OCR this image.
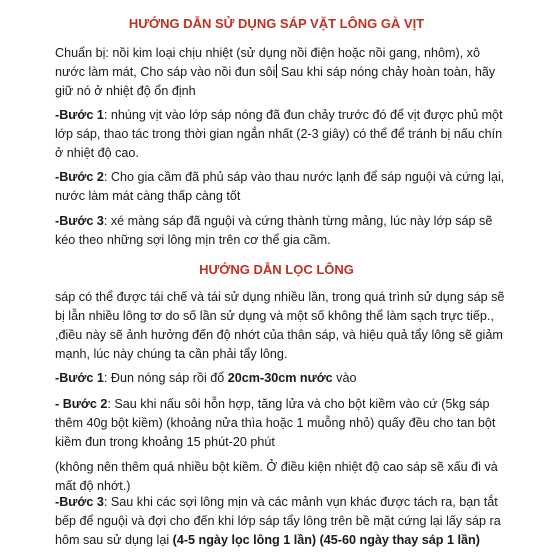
HƯỚNG DẪN SỬ DỤNG SÁP VẶT LÔNG GÀ VỊT
Chuẩn bị: nồi kim loại chịu nhiệt (sử dụng nồi điện hoặc nồi gang, nhôm), xô
nước làm mát, Cho sáp vào nồi đun sôi Sau khi sáp nóng chảy hoàn toàn, hãy
giữ nó ở nhiệt độ ổn định
-Bước 1: nhúng vịt vào lớp sáp nóng đã đun chảy trước đó để vịt được phủ một
lớp sáp, thao tác trong thời gian ngắn nhất (2-3 giây) có thể để tránh bị nấu chín
ở nhiệt độ cao.
-Bước 2: Cho gia cầm đã phủ sáp vào thau nước lạnh để sáp nguội và cứng lại,
nước làm mát càng thấp càng tốt
-Bước 3: xé màng sáp đã nguội và cứng thành từng mảng, lúc này lớp sáp sẽ
kéo theo những sợi lông mịn trên cơ thể gia cầm.
HƯỚNG DẪN LỌC LÔNG
sáp có thể được tái chế và tái sử dụng nhiều lần, trong quá trình sử dụng sáp sẽ
bị lẫn nhiều lông tơ do số lần sử dụng và một số không thể làm sạch trực tiếp.,
,điều này sẽ ảnh hưởng đến độ nhớt của thân sáp, và hiệu quả tẩy lông sẽ giảm
mạnh, lúc này chúng ta cần phải tẩy lông.
-Bước 1: Đun nóng sáp rồi đổ 20cm-30cm nước vào
- Bước 2: Sau khi nấu sôi hỗn hợp, tăng lửa và cho bột kiềm vào cứ (5kg sáp
thêm 40g bột kiềm) (khoảng nửa thìa hoặc 1 muỗng nhỏ) quấy đều cho tan bột
kiềm đun trong khoảng 15 phút-20 phút
(không nên thêm quá nhiều bột kiềm. Ở điều kiện nhiệt độ cao sáp sẽ xấu đi và
mất độ nhớt.)
-Bước 3: Sau khi các sợi lông mịn và các mảnh vụn khác được tách ra, bạn tắt
bếp để nguội và đợi cho đến khi lớp sáp tẩy lông trên bề mặt cứng lại lấy sáp ra
hôm sau sử dụng lại (4-5 ngày lọc lông 1 lần) (45-60 ngày thay sáp 1 lần)
